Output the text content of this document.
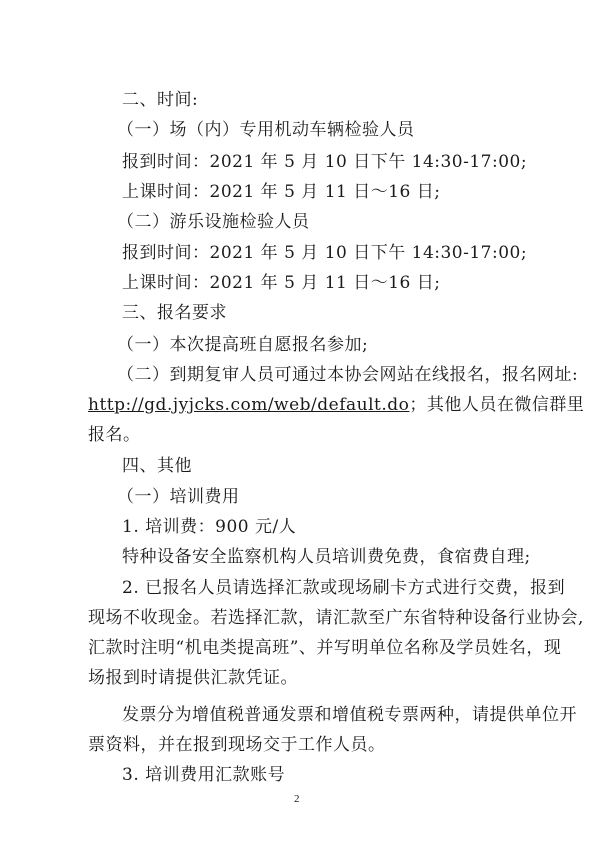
二、时间:
（一）场（内）专用机动车辆检验人员
报到时间：2021 年 5 月 10 日下午 14:30-17:00;
上课时间：2021 年 5 月 11 日～16 日;
（二）游乐设施检验人员
报到时间：2021 年 5 月 10 日下午 14:30-17:00;
上课时间：2021 年 5 月 11 日～16 日;
三、报名要求
（一）本次提高班自愿报名参加;
（二）到期复审人员可通过本协会网站在线报名，报名网址:
http://gd.jyjcks.com/web/default.do；其他人员在微信群里
报名。
四、其他
（一）培训费用
1. 培训费：900 元/人
特种设备安全监察机构人员培训费免费，食宿费自理;
2. 已报名人员请选择汇款或现场刷卡方式进行交费，报到
现场不收现金。若选择汇款，请汇款至广东省特种设备行业协会,
汇款时注明“机电类提高班”、并写明单位名称及学员姓名，现
场报到时请提供汇款凭证。
发票分为增值税普通发票和增值税专票两种，请提供单位开
票资料，并在报到现场交于工作人员。
3. 培训费用汇款账号
2
